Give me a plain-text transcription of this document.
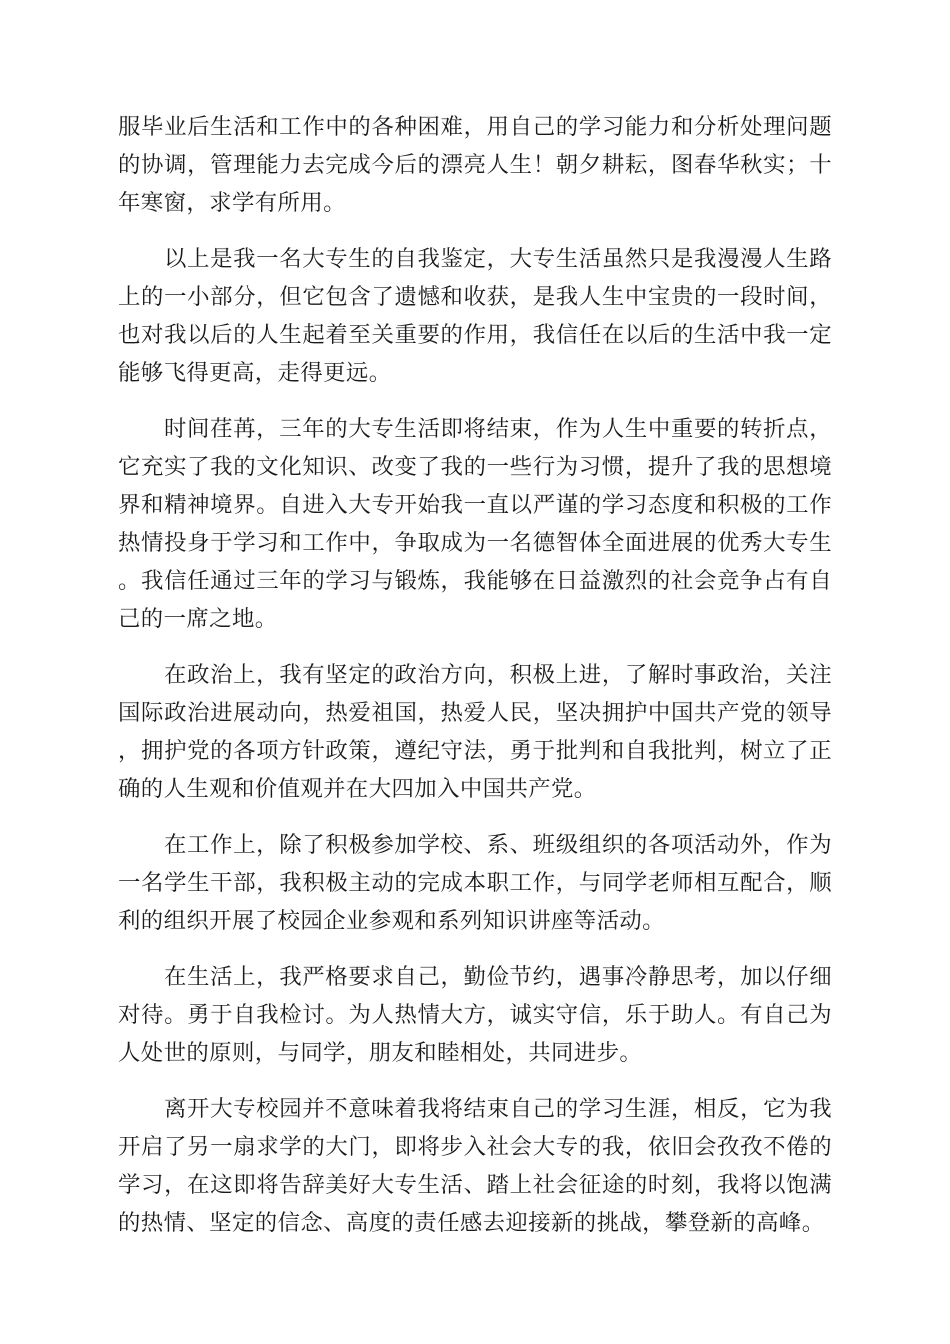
服毕业后生活和工作中的各种困难，用自己的学习能力和分析处理问题的协调，管理能力去完成今后的漂亮人生！朝夕耕耘，图春华秋实；十年寒窗，求学有所用。

以上是我一名大专生的自我鉴定，大专生活虽然只是我漫漫人生路上的一小部分，但它包含了遗憾和收获，是我人生中宝贵的一段时间，也对我以后的人生起着至关重要的作用，我信任在以后的生活中我一定能够飞得更高，走得更远。

时间荏苒，三年的大专生活即将结束，作为人生中重要的转折点，它充实了我的文化知识、改变了我的一些行为习惯，提升了我的思想境界和精神境界。自进入大专开始我一直以严谨的学习态度和积极的工作热情投身于学习和工作中，争取成为一名德智体全面进展的优秀大专生。我信任通过三年的学习与锻炼，我能够在日益激烈的社会竞争占有自己的一席之地。

在政治上，我有坚定的政治方向，积极上进，了解时事政治，关注国际政治进展动向，热爱祖国，热爱人民，坚决拥护中国共产党的领导，拥护党的各项方针政策，遵纪守法，勇于批判和自我批判，树立了正确的人生观和价值观并在大四加入中国共产党。

在工作上，除了积极参加学校、系、班级组织的各项活动外，作为一名学生干部，我积极主动的完成本职工作，与同学老师相互配合，顺利的组织开展了校园企业参观和系列知识讲座等活动。

在生活上，我严格要求自己，勤俭节约，遇事冷静思考，加以仔细对待。勇于自我检讨。为人热情大方，诚实守信，乐于助人。有自己为人处世的原则，与同学，朋友和睦相处，共同进步。

离开大专校园并不意味着我将结束自己的学习生涯，相反，它为我开启了另一扇求学的大门，即将步入社会大专的我，依旧会孜孜不倦的学习，在这即将告辞美好大专生活、踏上社会征途的时刻，我将以饱满的热情、坚定的信念、高度的责任感去迎接新的挑战，攀登新的高峰。
